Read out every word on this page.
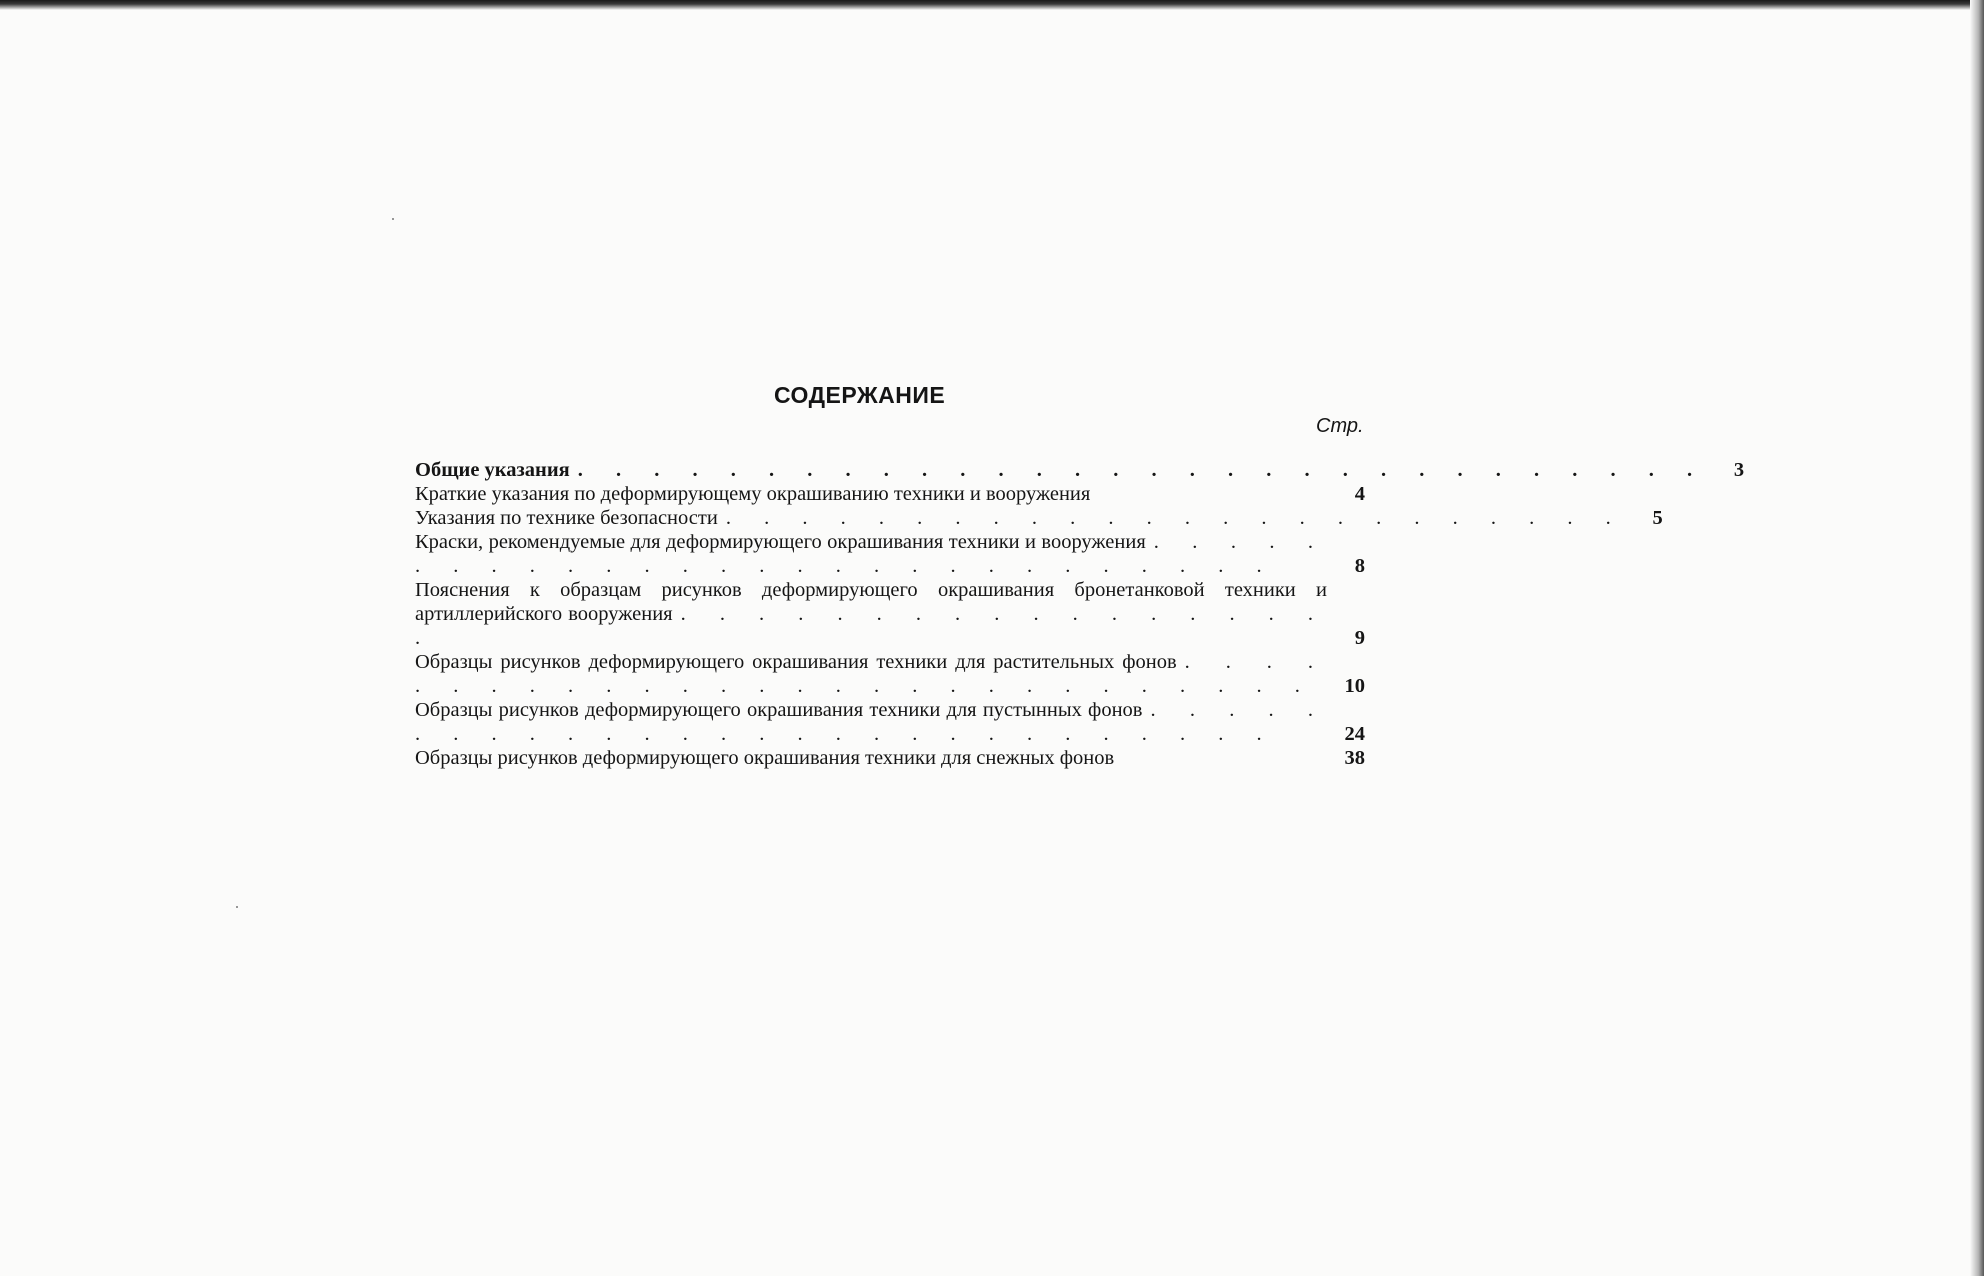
СОДЕРЖАНИЕ
Стр.
Общие указания . . . . . . . . . . . . . . . . . . . . . . . . . . . . . .	3
Краткие указания по деформирующему окрашиванию техники и вооружения	4
Указания по технике безопасности . . . . . . . . . . . . . . . . . . . . . . . .	5
Краски, рекомендуемые для деформирующего окрашивания техники и вооружения . . . . . . . . . . . . . . . . . . . . . . . . . . . .	8
Пояснения к образцам рисунков деформирующего окрашивания бронетанковой техники и артиллерийского вооружения . . . . . . . . . . . . . . . . . .	9
Образцы рисунков деформирующего окрашивания техники для растительных фонов . . . . . . . . . . . . . . . . . . . . . . . . . . . .	10
Образцы рисунков деформирующего окрашивания техники для пустынных фонов . . . . . . . . . . . . . . . . . . . . . . . . . . . .	24
Образцы рисунков деформирующего окрашивания техники для снежных фонов	38
